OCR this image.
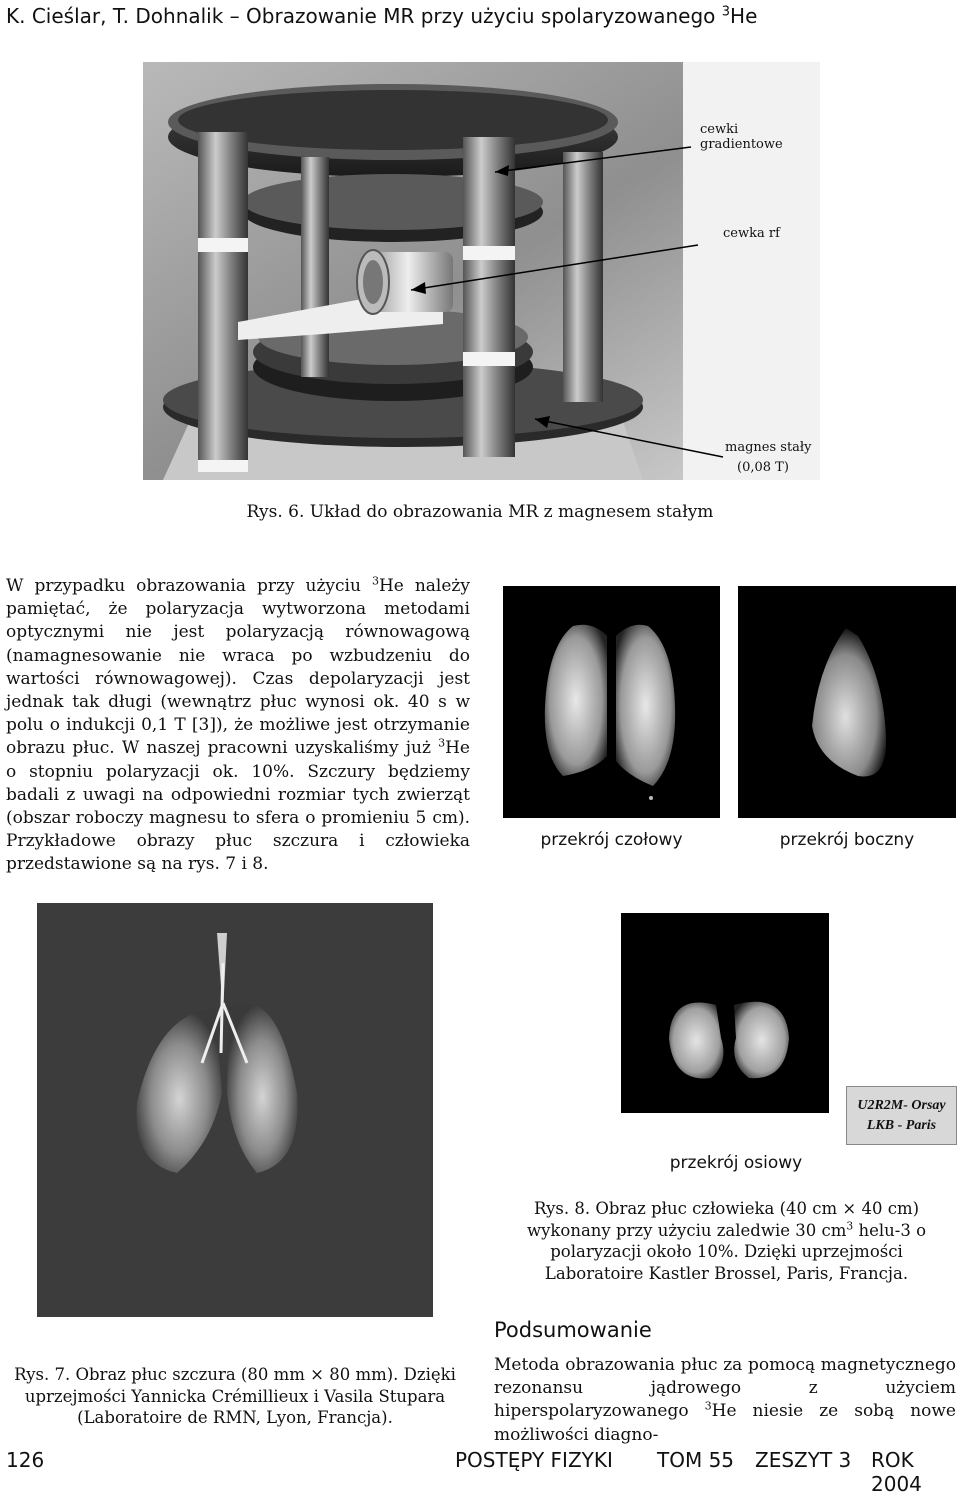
K. Cieślar, T. Dohnalik – Obrazowanie MR przy użyciu spolaryzowanego $^3$He
cewki gradientowe
cewka rf
magnes stały
(0,08 T)
Rys. 6. Układ do obrazowania MR z magnesem stałym
W przypadku obrazowania przy użyciu $^3$He należy pamiętać, że polaryzacja wytworzona metodami optycznymi nie jest polaryzacją równowagową (namagnesowanie nie wraca po wzbudzeniu do wartości równowagowej). Czas depolaryzacji jest jednak tak długi (wewnątrz płuc wynosi ok. 40 s w polu o indukcji 0,1 T [3]), że możliwe jest otrzymanie obrazu płuc. W naszej pracowni uzyskaliśmy już $^3$He o stopniu polaryzacji ok. 10%. Szczury będziemy badali z uwagi na odpowiedni rozmiar tych zwierząt (obszar roboczy magnesu to sfera o promieniu 5 cm). Przykładowe obrazy płuc szczura i człowieka przedstawione są na rys. 7 i 8.
przekrój czołowy	przekrój boczny
U2R2M- Orsay
LKB - Paris
przekrój osiowy
Rys. 8. Obraz płuc człowieka (40 cm × 40 cm) wykonany przy użyciu zaledwie 30 $cm^3$ helu-3 o polaryzacji około 10%. Dzięki uprzejmości Laboratoire Kastler Brossel, Paris, Francja.
Rys. 7. Obraz płuc szczura (80 mm × 80 mm). Dzięki uprzejmości Yannicka Crémillieux i Vasila Stupara (Laboratoire de RMN, Lyon, Francja).
Podsumowanie
Metoda obrazowania płuc za pomocą magnetycznego rezonansu jądrowego z użyciem hiperspolaryzowanego $^3$He niesie ze sobą nowe możliwości diagno-
126	POSTĘPY FIZYKI TOM 55 ZESZYT 3 ROK 2004
